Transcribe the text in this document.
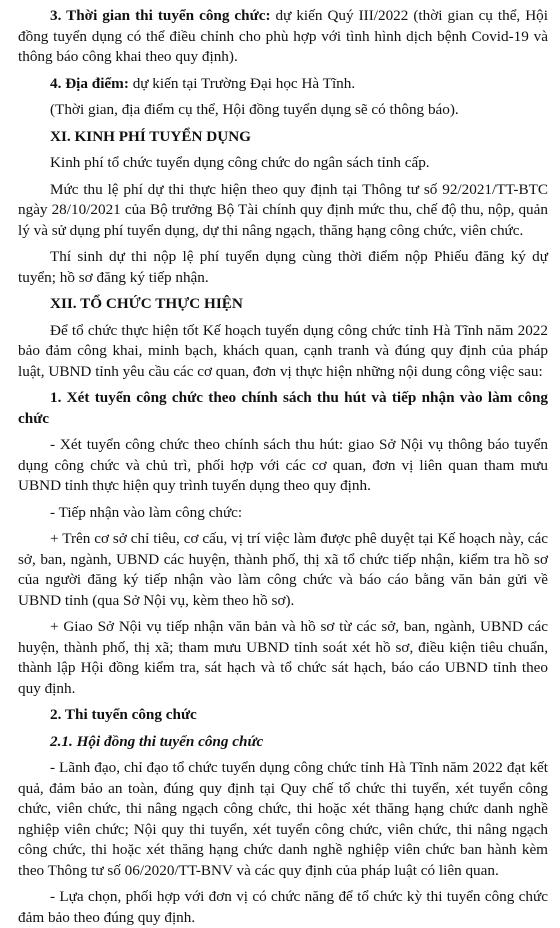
3. Thời gian thi tuyển công chức: dự kiến Quý III/2022 (thời gian cụ thể, Hội đồng tuyển dụng có thể điều chỉnh cho phù hợp với tình hình dịch bệnh Covid-19 và thông báo công khai theo quy định).

4. Địa điểm: dự kiến tại Trường Đại học Hà Tĩnh.

(Thời gian, địa điểm cụ thể, Hội đồng tuyển dụng sẽ có thông báo).

XI. KINH PHÍ TUYỂN DỤNG

Kinh phí tổ chức tuyển dụng công chức do ngân sách tỉnh cấp.

Mức thu lệ phí dự thi thực hiện theo quy định tại Thông tư số 92/2021/TT-BTC ngày 28/10/2021 của Bộ trưởng Bộ Tài chính quy định mức thu, chế độ thu, nộp, quản lý và sử dụng phí tuyển dụng, dự thi nâng ngạch, thăng hạng công chức, viên chức.

Thí sinh dự thi nộp lệ phí tuyển dụng cùng thời điểm nộp Phiếu đăng ký dự tuyển; hồ sơ đăng ký tiếp nhận.

XII. TỔ CHỨC THỰC HIỆN

Để tổ chức thực hiện tốt Kế hoạch tuyển dụng công chức tỉnh Hà Tĩnh năm 2022 bảo đảm công khai, minh bạch, khách quan, cạnh tranh và đúng quy định của pháp luật, UBND tỉnh yêu cầu các cơ quan, đơn vị thực hiện những nội dung công việc sau:

1. Xét tuyển công chức theo chính sách thu hút và tiếp nhận vào làm công chức

- Xét tuyển công chức theo chính sách thu hút: giao Sở Nội vụ thông báo tuyển dụng công chức và chủ trì, phối hợp với các cơ quan, đơn vị liên quan tham mưu UBND tỉnh thực hiện quy trình tuyển dụng theo quy định.

- Tiếp nhận vào làm công chức:

+ Trên cơ sở chỉ tiêu, cơ cấu, vị trí việc làm được phê duyệt tại Kế hoạch này, các sở, ban, ngành, UBND các huyện, thành phố, thị xã tổ chức tiếp nhận, kiểm tra hồ sơ của người đăng ký tiếp nhận vào làm công chức và báo cáo bằng văn bản gửi về UBND tỉnh (qua Sở Nội vụ, kèm theo hồ sơ).

+ Giao Sở Nội vụ tiếp nhận văn bản và hồ sơ từ các sở, ban, ngành, UBND các huyện, thành phố, thị xã; tham mưu UBND tỉnh soát xét hồ sơ, điều kiện tiêu chuẩn, thành lập Hội đồng kiểm tra, sát hạch và tổ chức sát hạch, báo cáo UBND tỉnh theo quy định.

2. Thi tuyển công chức

2.1. Hội đồng thi tuyển công chức

- Lãnh đạo, chỉ đạo tổ chức tuyển dụng công chức tỉnh Hà Tĩnh năm 2022 đạt kết quả, đảm bảo an toàn, đúng quy định tại Quy chế tổ chức thi tuyển, xét tuyển công chức, viên chức, thi nâng ngạch công chức, thi hoặc xét thăng hạng chức danh nghề nghiệp viên chức; Nội quy thi tuyển, xét tuyển công chức, viên chức, thi nâng ngạch công chức, thi hoặc xét thăng hạng chức danh nghề nghiệp viên chức ban hành kèm theo Thông tư số 06/2020/TT-BNV và các quy định của pháp luật có liên quan.

- Lựa chọn, phối hợp với đơn vị có chức năng để tổ chức kỳ thi tuyển công chức đảm bảo theo đúng quy định.
